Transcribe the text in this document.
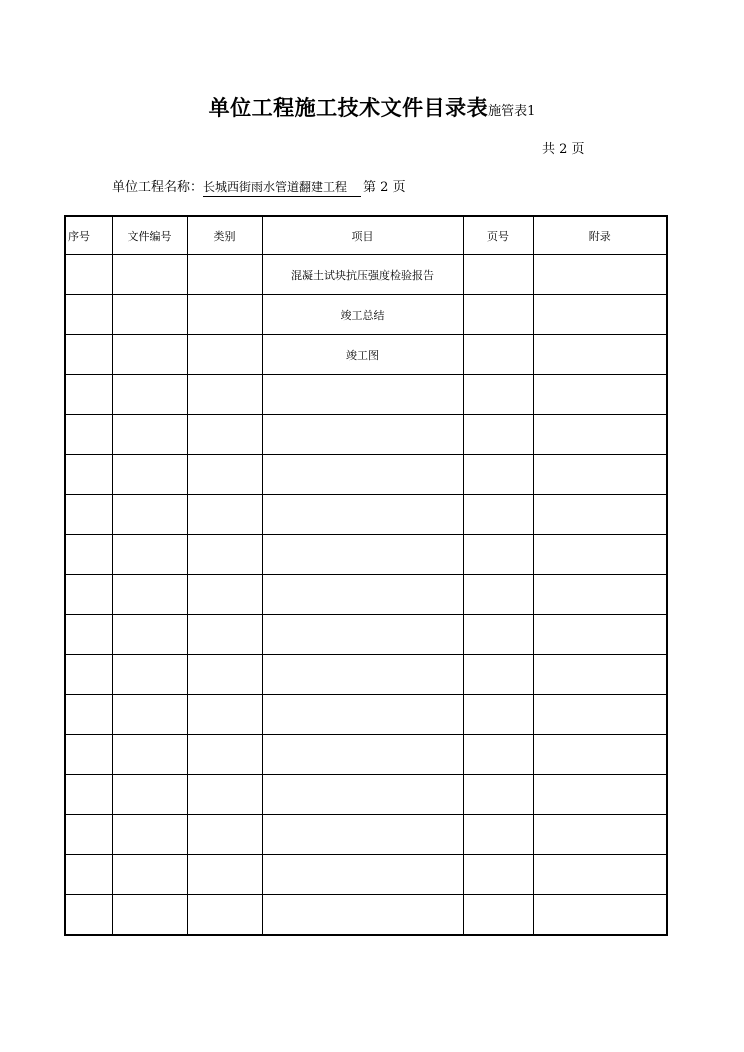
单位工程施工技术文件目录表施管表1
共 2 页
单位工程名称：长城西街雨水管道翻建工程 第 2 页
序号	文件编号	类别	项目	页号	附录
			混凝土试块抗压强度检验报告		
			竣工总结		
			竣工图		
